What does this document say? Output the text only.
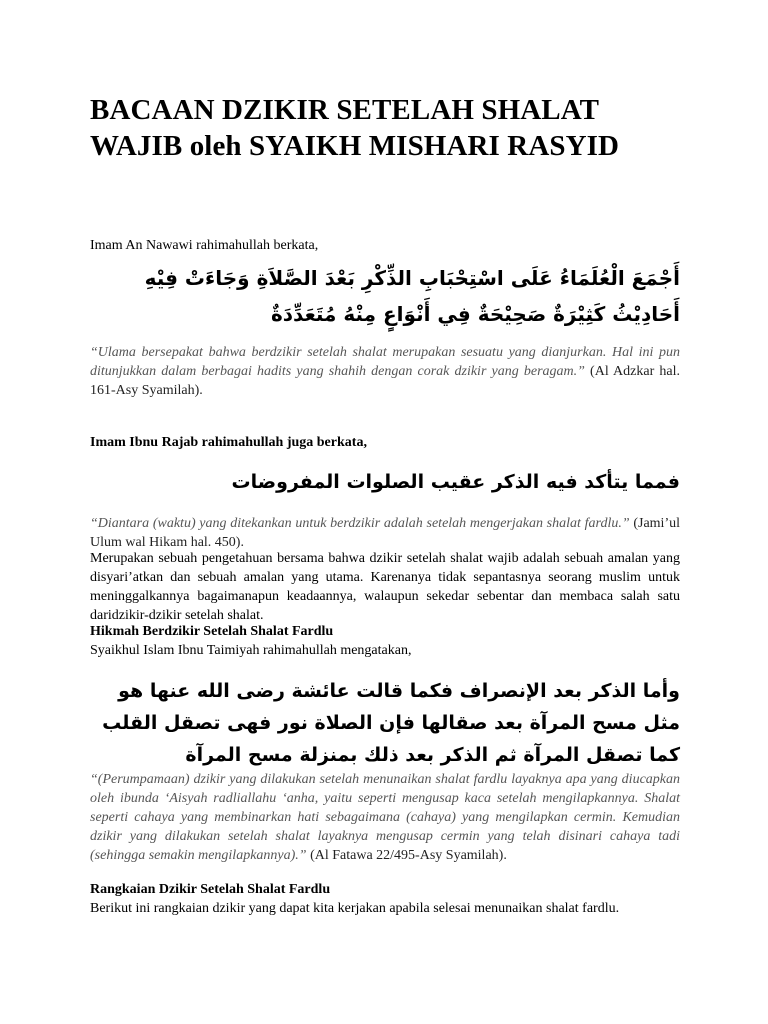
BACAAN DZIKIR SETELAH SHALAT WAJIB oleh SYAIKH MISHARI RASYID

Imam An Nawawi rahimahullah berkata,

أَجْمَعَ الْعُلَمَاءُ عَلَى اسْتِحْبَابِ الذِّكْرِ بَعْدَ الصَّلاَةِ وَجَاءَتْ فِيْهِ أَحَادِيْثُ كَثِيْرَةٌ صَحِيْحَةٌ فِي أَنْوَاعٍ مِنْهُ مُتَعَدِّدَةٌ

“Ulama bersepakat bahwa berdzikir setelah shalat merupakan sesuatu yang dianjurkan. Hal ini pun ditunjukkan dalam berbagai hadits yang shahih dengan corak dzikir yang beragam.” (Al Adzkar hal. 161-Asy Syamilah).

Imam Ibnu Rajab rahimahullah juga berkata,

فمما يتأكد فيه الذكر عقيب الصلوات المفروضات

“Diantara (waktu) yang ditekankan untuk berdzikir adalah setelah mengerjakan shalat fardlu.” (Jami’ul Ulum wal Hikam hal. 450).

Merupakan sebuah pengetahuan bersama bahwa dzikir setelah shalat wajib adalah sebuah amalan yang disyari’atkan dan sebuah amalan yang utama. Karenanya tidak sepantasnya seorang muslim untuk meninggalkannya bagaimanapun keadaannya, walaupun sekedar sebentar dan membaca salah satu daridzikir-dzikir setelah shalat.

Hikmah Berdzikir Setelah Shalat Fardlu

Syaikhul Islam Ibnu Taimiyah rahimahullah mengatakan,

وأما الذكر بعد الإنصراف فكما قالت عائشة رضى الله عنها هو مثل مسح المرآة بعد صقالها فإن الصلاة نور فهى تصقل القلب كما تصقل المرآة ثم الذكر بعد ذلك بمنزلة مسح المرآة

“(Perumpamaan) dzikir yang dilakukan setelah menunaikan shalat fardlu layaknya apa yang diucapkan oleh ibunda ‘Aisyah radliallahu ‘anha, yaitu seperti mengusap kaca setelah mengilapkannya. Shalat seperti cahaya yang membinarkan hati sebagaimana (cahaya) yang mengilapkan cermin. Kemudian dzikir yang dilakukan setelah shalat layaknya mengusap cermin yang telah disinari cahaya tadi (sehingga semakin mengilapkannya).” (Al Fatawa 22/495-Asy Syamilah).

Rangkaian Dzikir Setelah Shalat Fardlu

Berikut ini rangkaian dzikir yang dapat kita kerjakan apabila selesai menunaikan shalat fardlu.
